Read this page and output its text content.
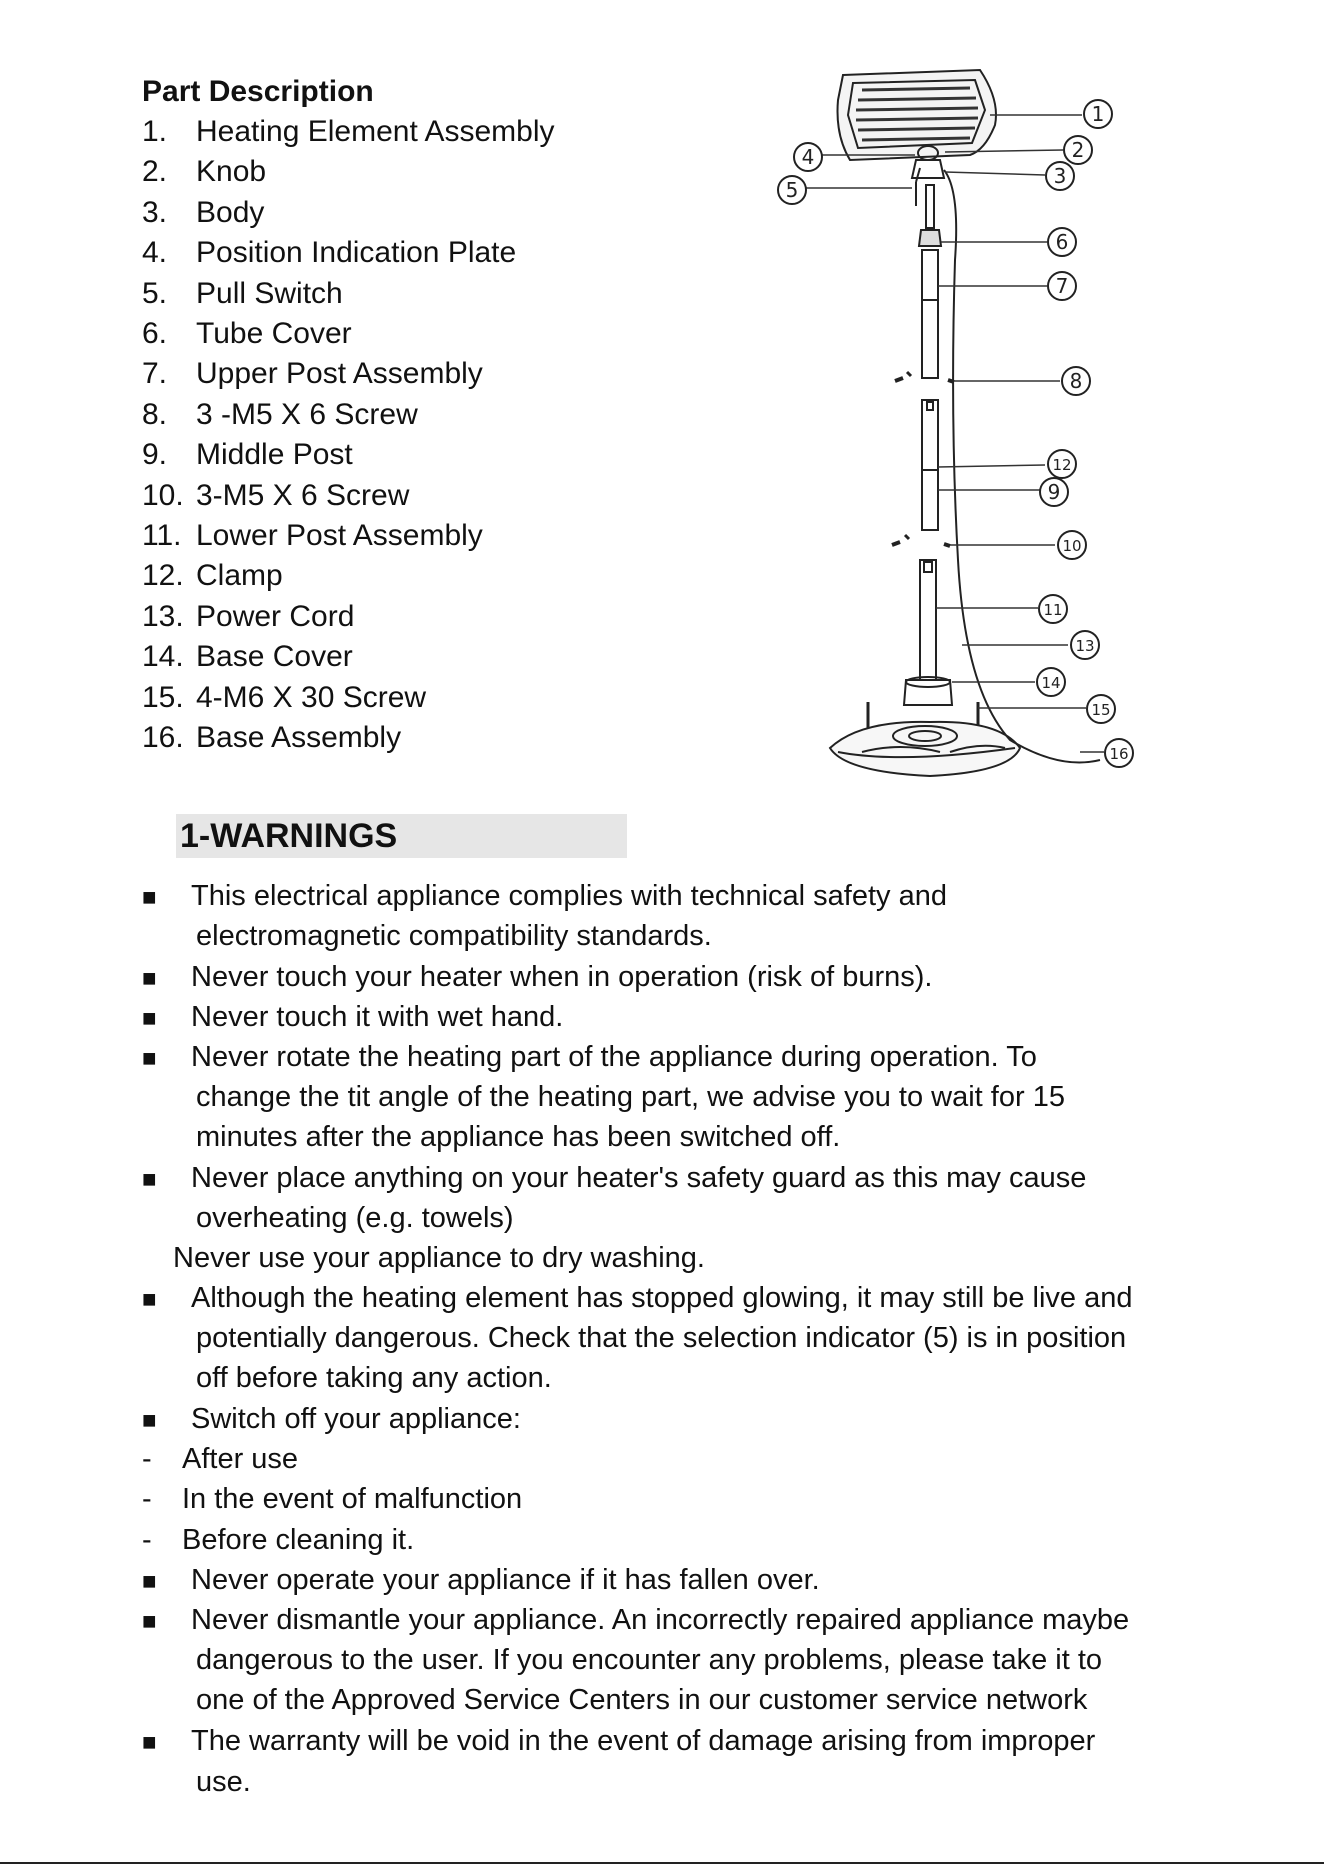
Part Description
1. Heating Element Assembly
2. Knob
3. Body
4. Position Indication Plate
5. Pull Switch
6. Tube Cover
7. Upper Post Assembly
8. 3 -M5 X 6 Screw
9. Middle Post
10. 3-M5 X 6 Screw
11. Lower Post Assembly
12. Clamp
13. Power Cord
14. Base Cover
15. 4-M6 X 30 Screw
16. Base Assembly
1
2
3
4
5
6
7
8
12
9
10
11
13
14
15
16
1-WARNINGS
■ This electrical appliance complies with technical safety and
electromagnetic compatibility standards.
■ Never touch your heater when in operation (risk of burns).
■ Never touch it with wet hand.
■ Never rotate the heating part of the appliance during operation. To
change the tit angle of the heating part, we advise you to wait for 15
minutes after the appliance has been switched off.
■ Never place anything on your heater's safety guard as this may cause
overheating (e.g. towels)
Never use your appliance to dry washing.
■ Although the heating element has stopped glowing, it may still be live and
potentially dangerous. Check that the selection indicator (5) is in position
off before taking any action.
■ Switch off your appliance:
- After use
- In the event of malfunction
- Before cleaning it.
■ Never operate your appliance if it has fallen over.
■ Never dismantle your appliance. An incorrectly repaired appliance maybe
dangerous to the user. If you encounter any problems, please take it to
one of the Approved Service Centers in our customer service network
■ The warranty will be void in the event of damage arising from improper
use.
